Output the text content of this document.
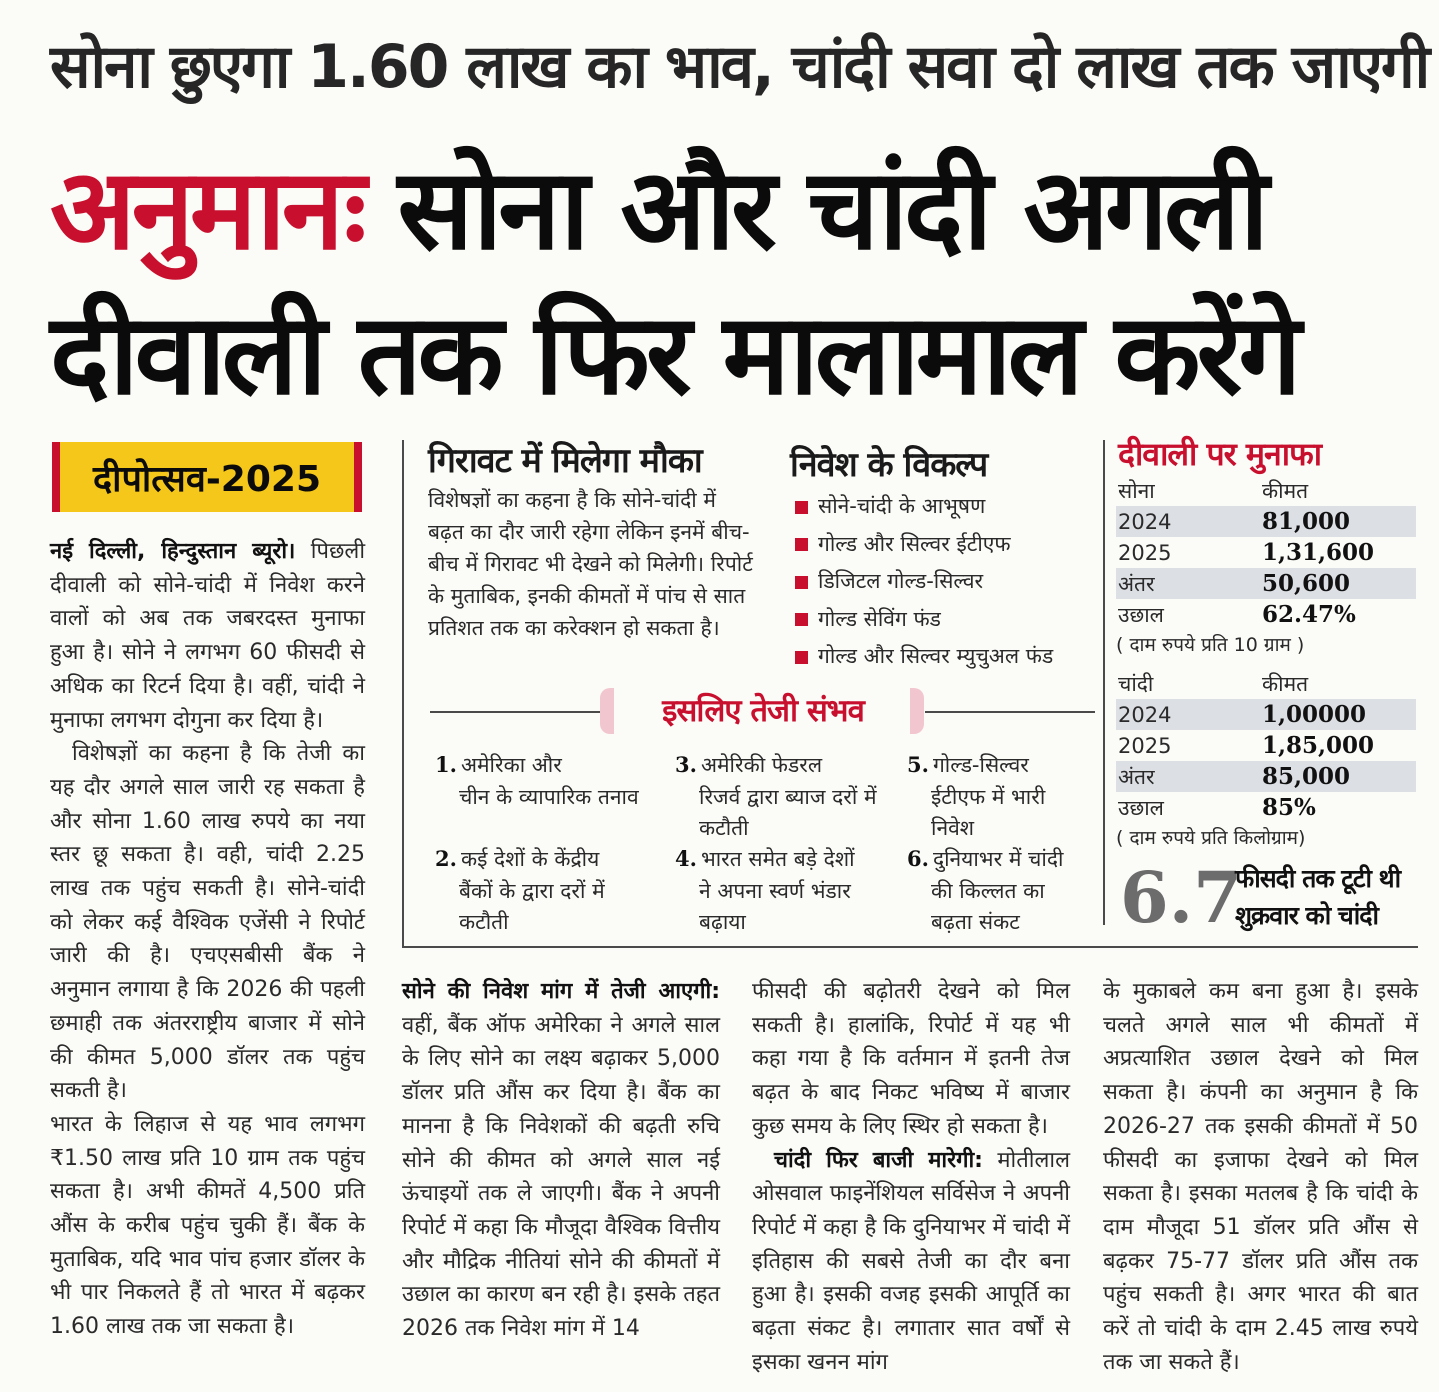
सोना छुएगा 1.60 लाख का भाव, चांदी सवा दो लाख तक जाएगी
अनुमानः सोना और चांदी अगली
दीवाली तक फिर मालामाल करेंगे
दीपोत्सव-2025

नई दिल्ली, हिन्दुस्तान ब्यूरो। पिछली दीवाली को सोने-चांदी में निवेश करने वालों को अब तक जबरदस्त मुनाफा हुआ है। सोने ने लगभग 60 फीसदी से अधिक का रिटर्न दिया है। वहीं, चांदी ने मुनाफा लगभग दोगुना कर दिया है।

विशेषज्ञों का कहना है कि तेजी का यह दौर अगले साल जारी रह सकता है और सोना 1.60 लाख रुपये का नया स्तर छू सकता है। वही, चांदी 2.25 लाख तक पहुंच सकती है। सोने-चांदी को लेकर कई वैश्विक एजेंसी ने रिपोर्ट जारी की है। एचएसबीसी बैंक ने अनुमान लगाया है कि 2026 की पहली छमाही तक अंतरराष्ट्रीय बाजार में सोने की कीमत 5,000 डॉलर तक पहुंच सकती है।

भारत के लिहाज से यह भाव लगभग ₹1.50 लाख प्रति 10 ग्राम तक पहुंच सकता है। अभी कीमतें 4,500 प्रति औंस के करीब पहुंच चुकी हैं। बैंक के मुताबिक, यदि भाव पांच हजार डॉलर के भी पार निकलते हैं तो भारत में बढ़कर 1.60 लाख तक जा सकता है।

गिरावट में मिलेगा मौका
विशेषज्ञों का कहना है कि सोने-चांदी में बढ़त का दौर जारी रहेगा लेकिन इनमें बीच-बीच में गिरावट भी देखने को मिलेगी। रिपोर्ट के मुताबिक, इनकी कीमतों में पांच से सात प्रतिशत तक का करेक्शन हो सकता है।
निवेश के विकल्प
सोने-चांदी के आभूषण
गोल्ड और सिल्वर ईटीएफ
डिजिटल गोल्ड-सिल्वर
गोल्ड सेविंग फंड
गोल्ड और सिल्वर म्युचुअल फंड
दीवाली पर मुनाफा
सोना	कीमत
2024	81,000
2025	1,31,600
अंतर	50,600
उछाल	62.47%
( दाम रुपये प्रति 10 ग्राम )
चांदी	कीमत
2024	1,00000
2025	1,85,000
अंतर	85,000
उछाल	85%
( दाम रुपये प्रति किलोग्राम)
6.7
फीसदी तक टूटी थी
शुक्रवार को चांदी
इसलिए तेजी संभव
1. अमेरिका और
चीन के व्यापारिक तनाव
2. कई देशों के केंद्रीय
बैंकों के द्वारा दरों में कटौती
3. अमेरिकी फेडरल
रिजर्व द्वारा ब्याज दरों में कटौती
4. भारत समेत बड़े देशों
ने अपना स्वर्ण भंडार बढ़ाया
5. गोल्ड-सिल्वर
ईटीएफ में भारी निवेश
6. दुनियाभर में चांदी
की किल्लत का बढ़ता संकट

सोने की निवेश मांग में तेजी आएगी: वहीं, बैंक ऑफ अमेरिका ने अगले साल के लिए सोने का लक्ष्य बढ़ाकर 5,000 डॉलर प्रति औंस कर दिया है। बैंक का मानना है कि निवेशकों की बढ़ती रुचि सोने की कीमत को अगले साल नई ऊंचाइयों तक ले जाएगी। बैंक ने अपनी रिपोर्ट में कहा कि मौजूदा वैश्विक वित्तीय और मौद्रिक नीतियां सोने की कीमतों में उछाल का कारण बन रही है। इसके तहत 2026 तक निवेश मांग में 14

फीसदी की बढ़ोतरी देखने को मिल सकती है। हालांकि, रिपोर्ट में यह भी कहा गया है कि वर्तमान में इतनी तेज बढ़त के बाद निकट भविष्य में बाजार कुछ समय के लिए स्थिर हो सकता है।

चांदी फिर बाजी मारेगी: मोतीलाल ओसवाल फाइनेंशियल सर्विसेज ने अपनी रिपोर्ट में कहा है कि दुनियाभर में चांदी में इतिहास की सबसे तेजी का दौर बना हुआ है। इसकी वजह इसकी आपूर्ति का बढ़ता संकट है। लगातार सात वर्षों से इसका खनन मांग

के मुकाबले कम बना हुआ है। इसके चलते अगले साल भी कीमतों में अप्रत्याशित उछाल देखने को मिल सकता है। कंपनी का अनुमान है कि 2026-27 तक इसकी कीमतों में 50 फीसदी का इजाफा देखने को मिल सकता है। इसका मतलब है कि चांदी के दाम मौजूदा 51 डॉलर प्रति औंस से बढ़कर 75-77 डॉलर प्रति औंस तक पहुंच सकती है। अगर भारत की बात करें तो चांदी के दाम 2.45 लाख रुपये तक जा सकते हैं।
